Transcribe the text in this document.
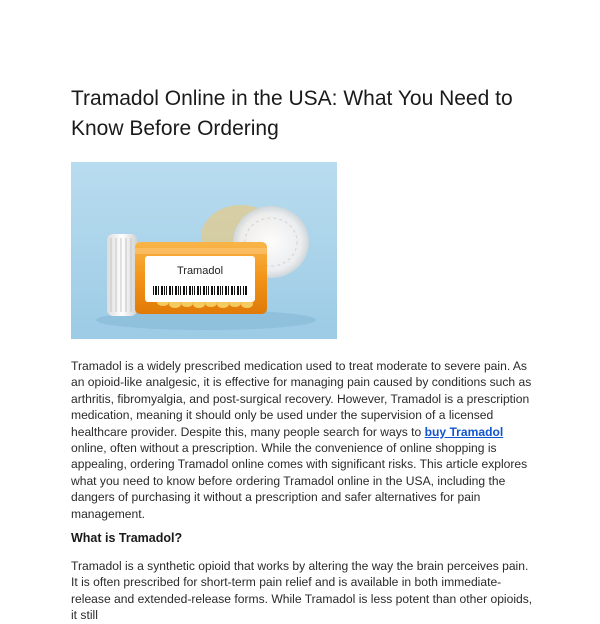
Tramadol Online in the USA: What You Need to Know Before Ordering
Tramadol

Tramadol is a widely prescribed medication used to treat moderate to severe pain. As an opioid-like analgesic, it is effective for managing pain caused by conditions such as arthritis, fibromyalgia, and post-surgical recovery. However, Tramadol is a prescription medication, meaning it should only be used under the supervision of a licensed healthcare provider. Despite this, many people search for ways to buy Tramadol online, often without a prescription. While the convenience of online shopping is appealing, ordering Tramadol online comes with significant risks. This article explores what you need to know before ordering Tramadol online in the USA, including the dangers of purchasing it without a prescription and safer alternatives for pain management.

What is Tramadol?

Tramadol is a synthetic opioid that works by altering the way the brain perceives pain. It is often prescribed for short-term pain relief and is available in both immediate-release and extended-release forms. While Tramadol is less potent than other opioids, it still
